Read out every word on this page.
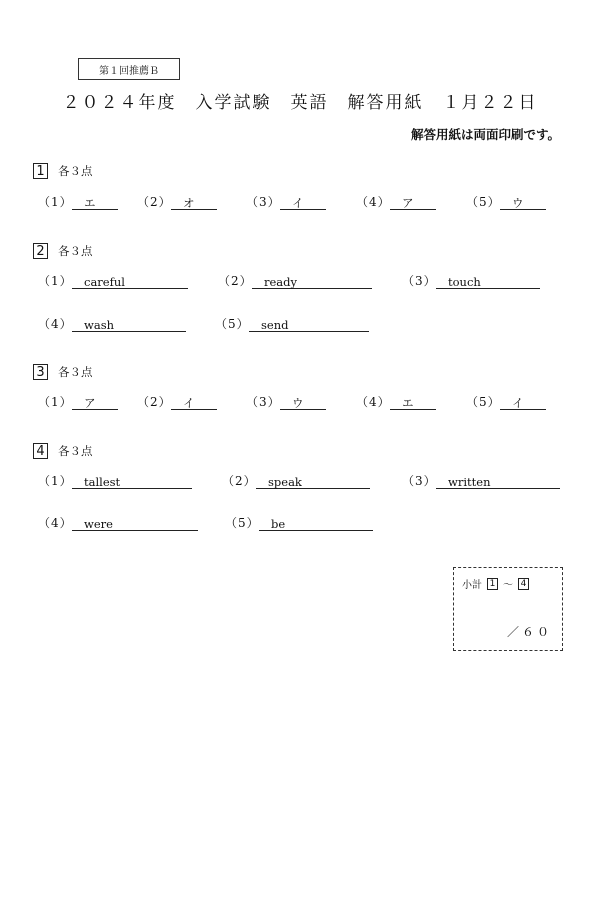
第１回推薦Ｂ
２０２４年度　入学試験　英語　解答用紙　１月２２日
解答用紙は両面印刷です。
1 各３点
（1） エ	（2） オ	（3） イ	（4） ア	（5） ウ
2 各３点
（1） careful	（2） ready	（3） touch
（4） wash	（5） send
3 各３点
（1） ア	（2） イ	（3） ウ	（4） エ	（5） イ
4 各３点
（1） tallest	（2） speak	（3） written
（4） were	（5） be
小計 1 ～ 4
／６０
